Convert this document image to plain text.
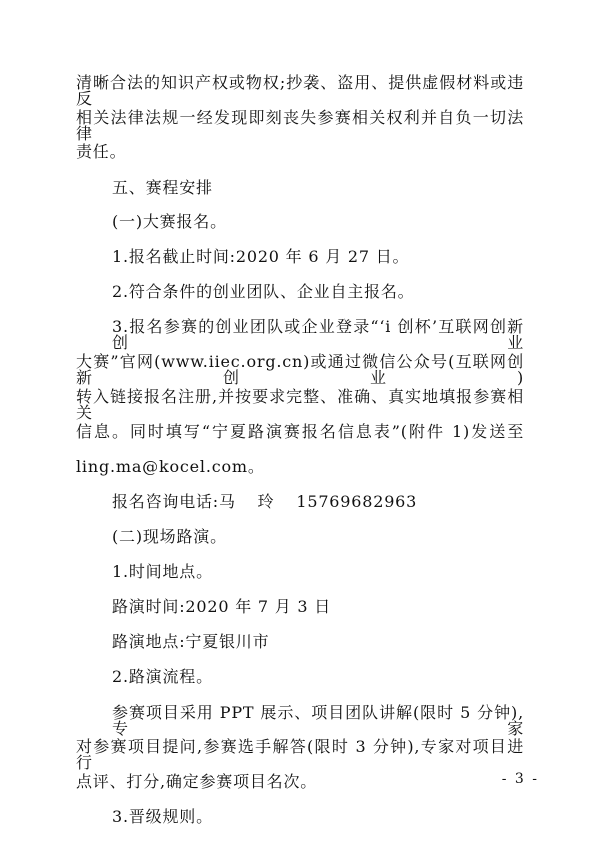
清晰合法的知识产权或物权;抄袭、盗用、提供虚假材料或违反
相关法律法规一经发现即刻丧失参赛相关权利并自负一切法律
责任。
五、赛程安排
(一)大赛报名。
1.报名截止时间:2020 年 6 月 27 日。
2.符合条件的创业团队、企业自主报名。
3.报名参赛的创业团队或企业登录“‘i 创杯’互联网创新创业
大赛”官网(www.iiec.org.cn)或通过微信公众号(互联网创新创业)
转入链接报名注册,并按要求完整、准确、真实地填报参赛相关
信息。同时填写“宁夏路演赛报名信息表”(附件 1)发送至
ling.ma@kocel.com。
报名咨询电话:马 玲 15769682963
(二)现场路演。
1.时间地点。
路演时间:2020 年 7 月 3 日
路演地点:宁夏银川市
2.路演流程。
参赛项目采用 PPT 展示、项目团队讲解(限时 5 分钟),专家
对参赛项目提问,参赛选手解答(限时 3 分钟),专家对项目进行
点评、打分,确定参赛项目名次。
3.晋级规则。
- 3 -
